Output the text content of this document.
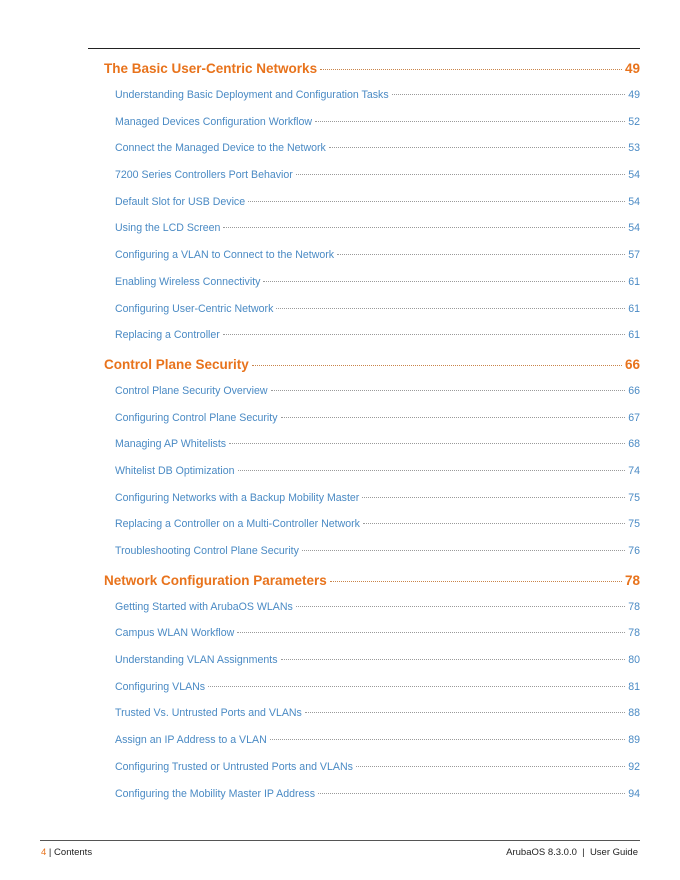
The Basic User-Centric Networks	49
Understanding Basic Deployment and Configuration Tasks	49
Managed Devices Configuration Workflow	52
Connect the Managed Device to the Network	53
7200 Series Controllers Port Behavior	54
Default Slot for USB Device	54
Using the LCD Screen	54
Configuring a VLAN to Connect to the Network	57
Enabling Wireless Connectivity	61
Configuring User-Centric Network	61
Replacing a Controller	61
Control Plane Security	66
Control Plane Security Overview	66
Configuring Control Plane Security	67
Managing AP Whitelists	68
Whitelist DB Optimization	74
Configuring Networks with a Backup Mobility Master	75
Replacing a Controller on a Multi-Controller Network	75
Troubleshooting Control Plane Security	76
Network Configuration Parameters	78
Getting Started with ArubaOS WLANs	78
Campus WLAN Workflow	78
Understanding VLAN Assignments	80
Configuring VLANs	81
Trusted Vs. Untrusted Ports and VLANs	88
Assign an IP Address to a VLAN	89
Configuring Trusted or Untrusted Ports and VLANs	92
Configuring the Mobility Master IP Address	94
4 | Contents	ArubaOS 8.3.0.0  |  User Guide
